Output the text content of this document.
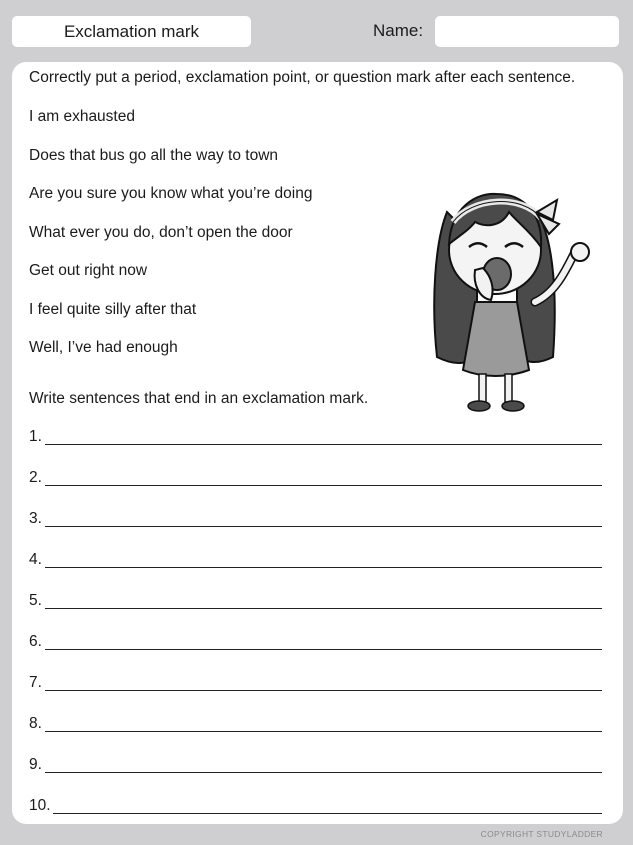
Exclamation mark	Name:
Correctly put a period, exclamation point, or question mark after each sentence.
I am exhausted
Does that bus go all the way to town
Are you sure you know what you’re doing
What ever you do, don’t open the door
Get out right now
I feel quite silly after that
Well, I’ve had enough
Write sentences that end in an exclamation mark.
1.
2.
3.
4.
5.
6.
7.
8.
9.
10.
COPYRIGHT STUDYLADDER
